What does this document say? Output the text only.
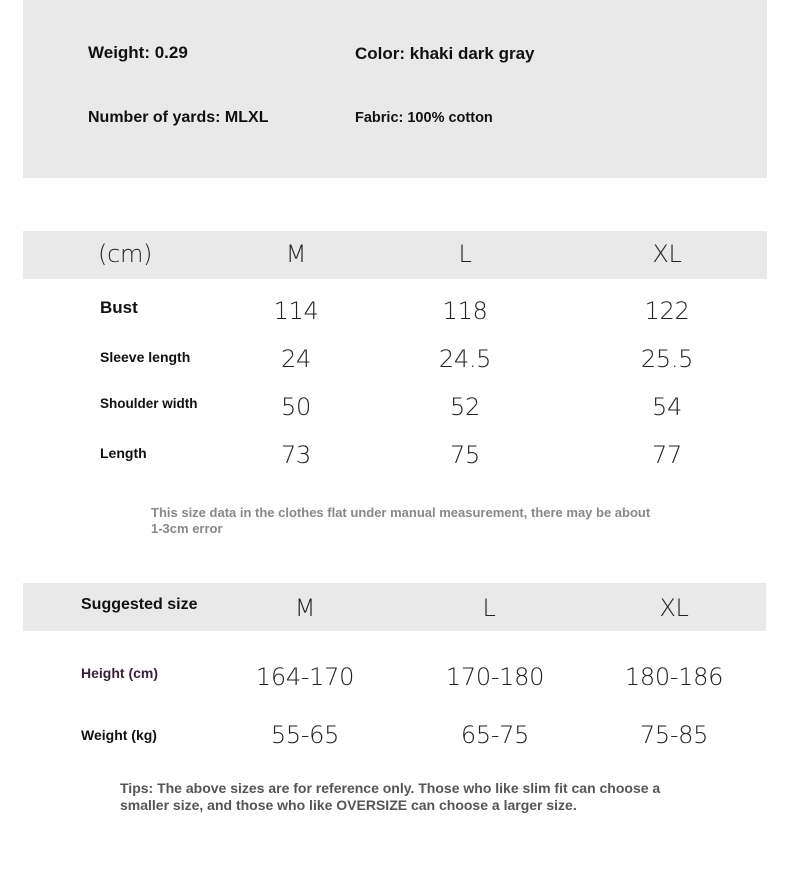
Weight: 0.29	Color: khaki dark gray
Number of yards: MLXL	Fabric: 100% cotton
(cm)	M	L	XL
Bust	114	118	122
Sleeve length	24	24.5	25.5
Shoulder width	50	52	54
Length	73	75	77
This size data in the clothes flat under manual measurement, there may be about 1-3cm error
Suggested size	M	L	XL
Height (cm)	164-170	170-180	180-186
Weight (kg)	55-65	65-75	75-85
Tips: The above sizes are for reference only. Those who like slim fit can choose a smaller size, and those who like OVERSIZE can choose a larger size.
